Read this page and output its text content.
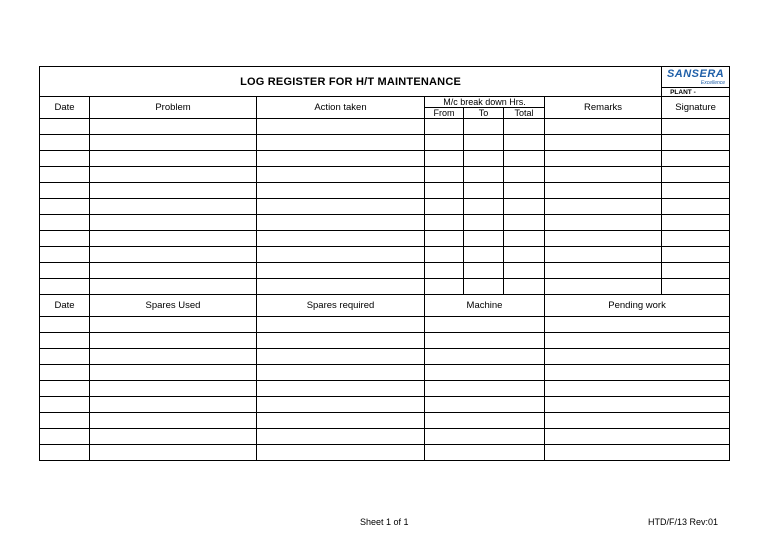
LOG REGISTER FOR H/T MAINTENANCE							SANSERA
Excellence

							PLANT -
Date	Problem	Action taken	M/c break down Hrs.			Remarks	Signature
			From	To	Total		

Date	Spares Used	Spares required	Machine			Pending work	

Sheet 1 of 1	HTD/F/13 Rev:01
